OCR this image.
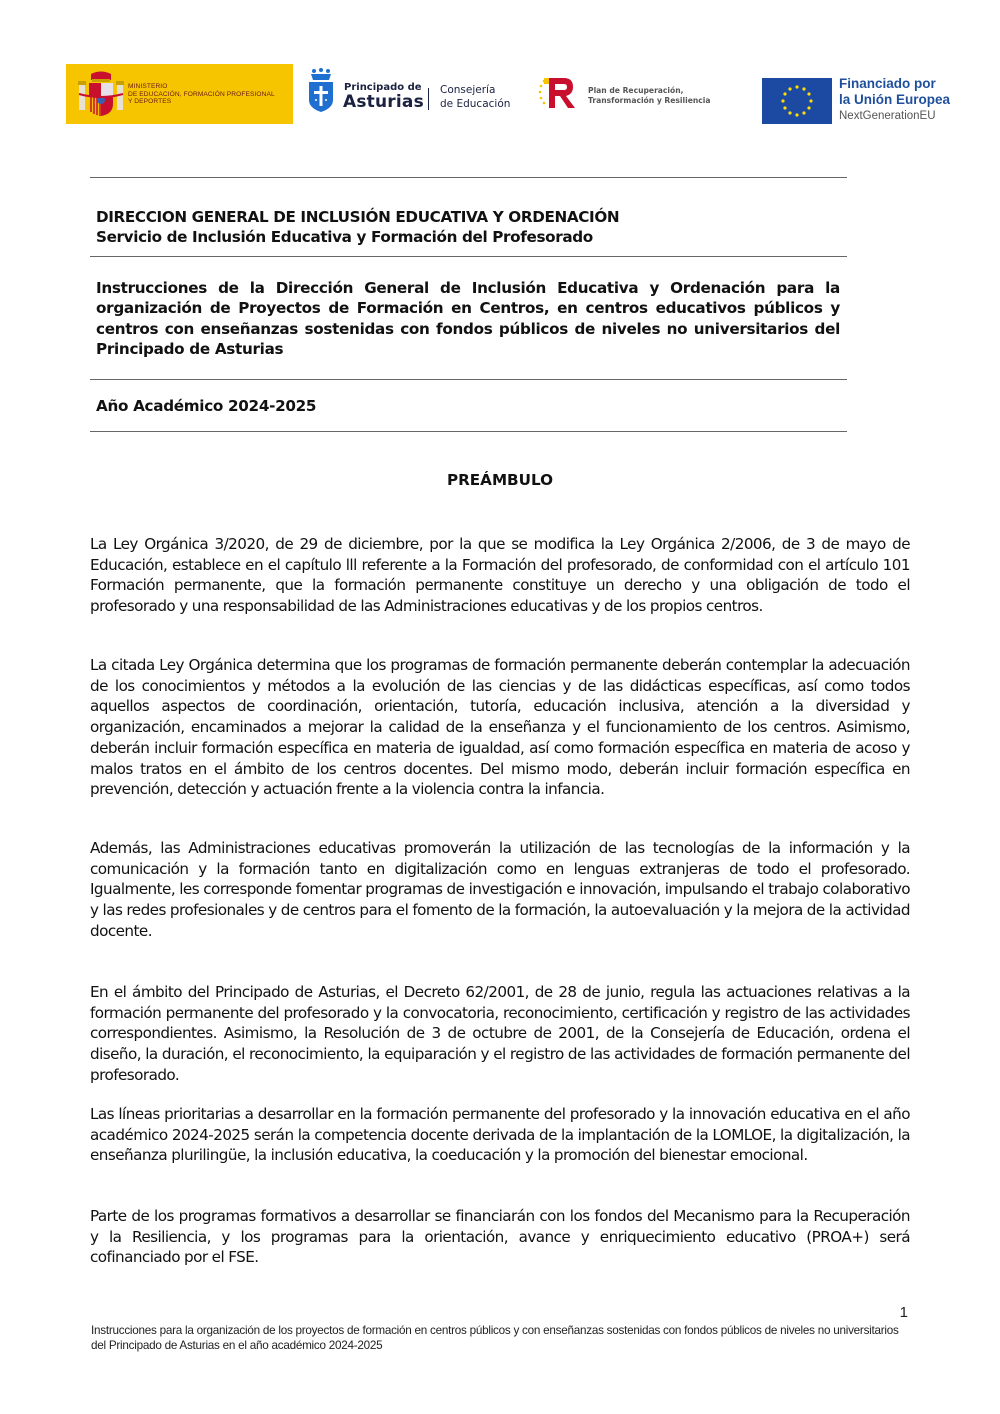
MINISTERIO
DE EDUCACIÓN, FORMACIÓN PROFESIONAL
Y DEPORTES
Principado de
Asturias
Consejería
de Educación
Plan de Recuperación,
Transformación y Resiliencia
Financiado por
la Unión Europea
NextGenerationEU
DIRECCION GENERAL DE INCLUSIÓN EDUCATIVA Y ORDENACIÓN
Servicio de Inclusión Educativa y Formación del Profesorado
Instrucciones de la Dirección General de Inclusión Educativa y Ordenación para la organización de Proyectos de Formación en Centros, en centros educativos públicos y centros con enseñanzas sostenidas con fondos públicos de niveles no universitarios del Principado de Asturias
Año Académico 2024-2025
PREÁMBULO
La Ley Orgánica 3/2020, de 29 de diciembre, por la que se modifica la Ley Orgánica 2/2006, de 3 de mayo de Educación, establece en el capítulo lll referente a la Formación del profesorado, de conformidad con el artículo 101 Formación permanente, que la formación permanente constituye un derecho y una obligación de todo el profesorado y una responsabilidad de las Administraciones educativas y de los propios centros.
La citada Ley Orgánica determina que los programas de formación permanente deberán contemplar la adecuación de los conocimientos y métodos a la evolución de las ciencias y de las didácticas específicas, así como todos aquellos aspectos de coordinación, orientación, tutoría, educación inclusiva, atención a la diversidad y organización, encaminados a mejorar la calidad de la enseñanza y el funcionamiento de los centros. Asimismo, deberán incluir formación específica en materia de igualdad, así como formación específica en materia de acoso y malos tratos en el ámbito de los centros docentes. Del mismo modo, deberán incluir formación específica en prevención, detección y actuación frente a la violencia contra la infancia.
Además, las Administraciones educativas promoverán la utilización de las tecnologías de la información y la comunicación y la formación tanto en digitalización como en lenguas extranjeras de todo el profesorado. Igualmente, les corresponde fomentar programas de investigación e innovación, impulsando el trabajo colaborativo y las redes profesionales y de centros para el fomento de la formación, la autoevaluación y la mejora de la actividad docente.
En el ámbito del Principado de Asturias, el Decreto 62/2001, de 28 de junio, regula las actuaciones relativas a la formación permanente del profesorado y la convocatoria, reconocimiento, certificación y registro de las actividades correspondientes. Asimismo, la Resolución de 3 de octubre de 2001, de la Consejería de Educación, ordena el diseño, la duración, el reconocimiento, la equiparación y el registro de las actividades de formación permanente del profesorado.
Las líneas prioritarias a desarrollar en la formación permanente del profesorado y la innovación educativa en el año académico 2024-2025 serán la competencia docente derivada de la implantación de la LOMLOE, la digitalización, la enseñanza plurilingüe, la inclusión educativa, la coeducación y la promoción del bienestar emocional.
Parte de los programas formativos a desarrollar se financiarán con los fondos del Mecanismo para la Recuperación y la Resiliencia, y los programas para la orientación, avance y enriquecimiento educativo (PROA+) será cofinanciado por el FSE.
1
Instrucciones para la organización de los proyectos de formación en centros públicos y con enseñanzas sostenidas con fondos públicos de niveles no universitarios del Principado de Asturias en el año académico 2024-2025
